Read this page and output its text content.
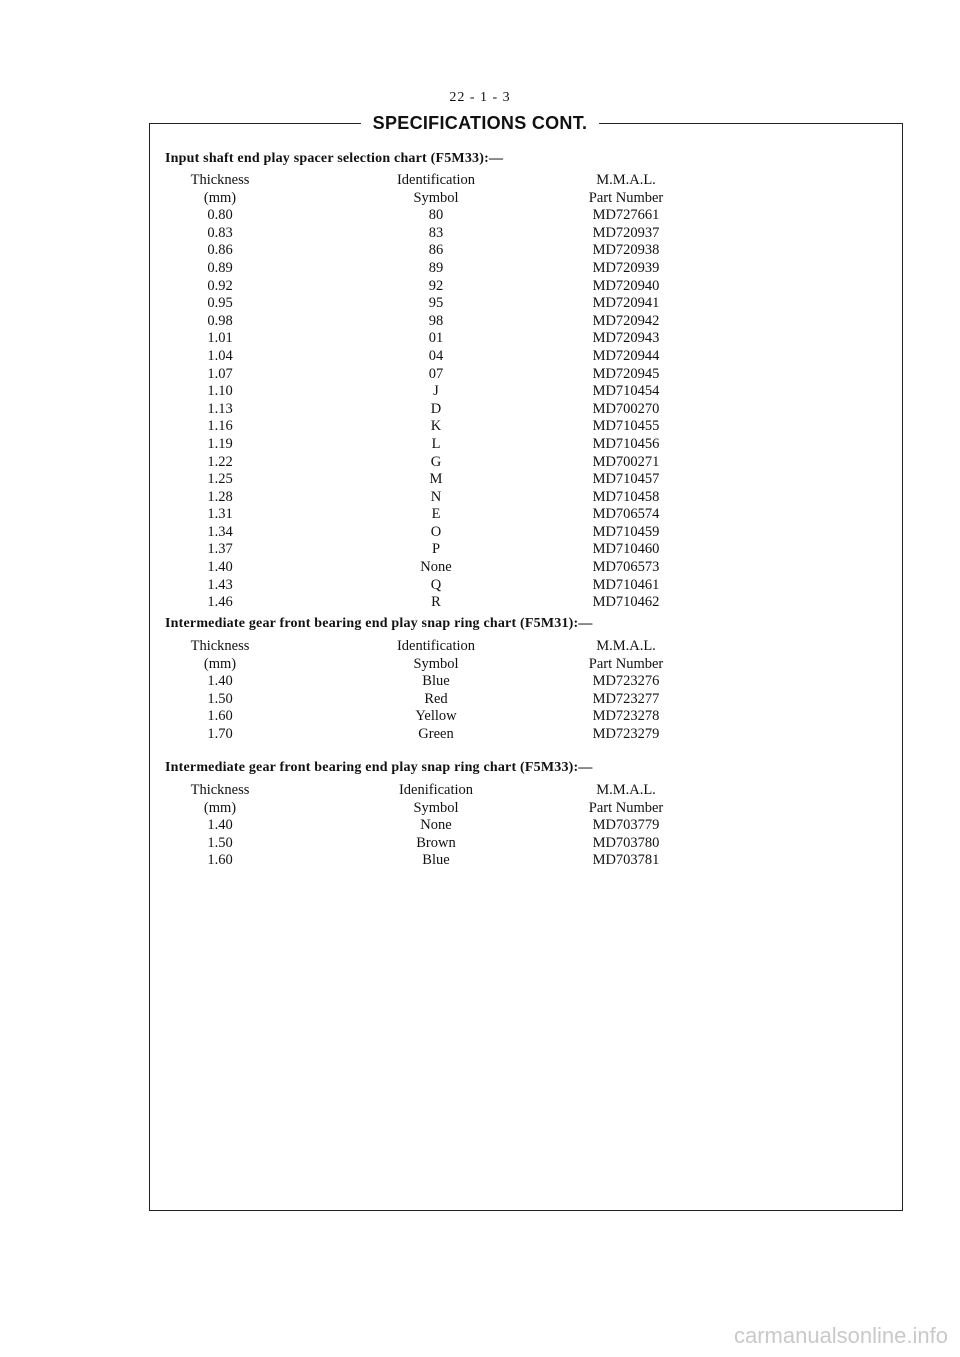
22 - 1 - 3
SPECIFICATIONS CONT.
Input shaft end play spacer selection chart (F5M33):—
Thickness	Identification	M.M.A.L.
(mm)	Symbol	Part Number
0.80	80	MD727661
0.83	83	MD720937
0.86	86	MD720938
0.89	89	MD720939
0.92	92	MD720940
0.95	95	MD720941
0.98	98	MD720942
1.01	01	MD720943
1.04	04	MD720944
1.07	07	MD720945
1.10	J	MD710454
1.13	D	MD700270
1.16	K	MD710455
1.19	L	MD710456
1.22	G	MD700271
1.25	M	MD710457
1.28	N	MD710458
1.31	E	MD706574
1.34	O	MD710459
1.37	P	MD710460
1.40	None	MD706573
1.43	Q	MD710461
1.46	R	MD710462
Intermediate gear front bearing end play snap ring chart (F5M31):—
Thickness	Identification	M.M.A.L.
(mm)	Symbol	Part Number
1.40	Blue	MD723276
1.50	Red	MD723277
1.60	Yellow	MD723278
1.70	Green	MD723279
Intermediate gear front bearing end play snap ring chart (F5M33):—
Thickness	Idenification	M.M.A.L.
(mm)	Symbol	Part Number
1.40	None	MD703779
1.50	Brown	MD703780
1.60	Blue	MD703781
carmanualsonline.info
